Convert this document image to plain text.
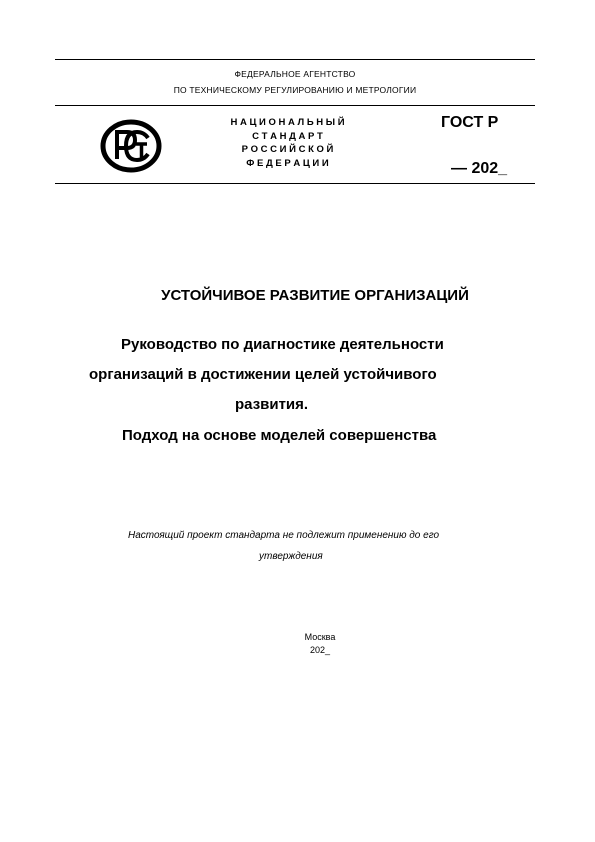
ФЕДЕРАЛЬНОЕ АГЕНТСТВО
ПО ТЕХНИЧЕСКОМУ РЕГУЛИРОВАНИЮ И МЕТРОЛОГИИ
Н А Ц И О Н А Л Ь Н Ы Й
С Т А Н Д А Р Т
Р О С С И Й С К О Й
Ф Е Д Е Р А Ц И И
ГОСТ Р
— 202_
УСТОЙЧИВОЕ РАЗВИТИЕ ОРГАНИЗАЦИЙ
Руководство по диагностике деятельности
организаций в достижении целей устойчивого
развития.
Подход на основе моделей совершенства
Настоящий проект стандарта не подлежит применению до его
утверждения
Москва
202_
